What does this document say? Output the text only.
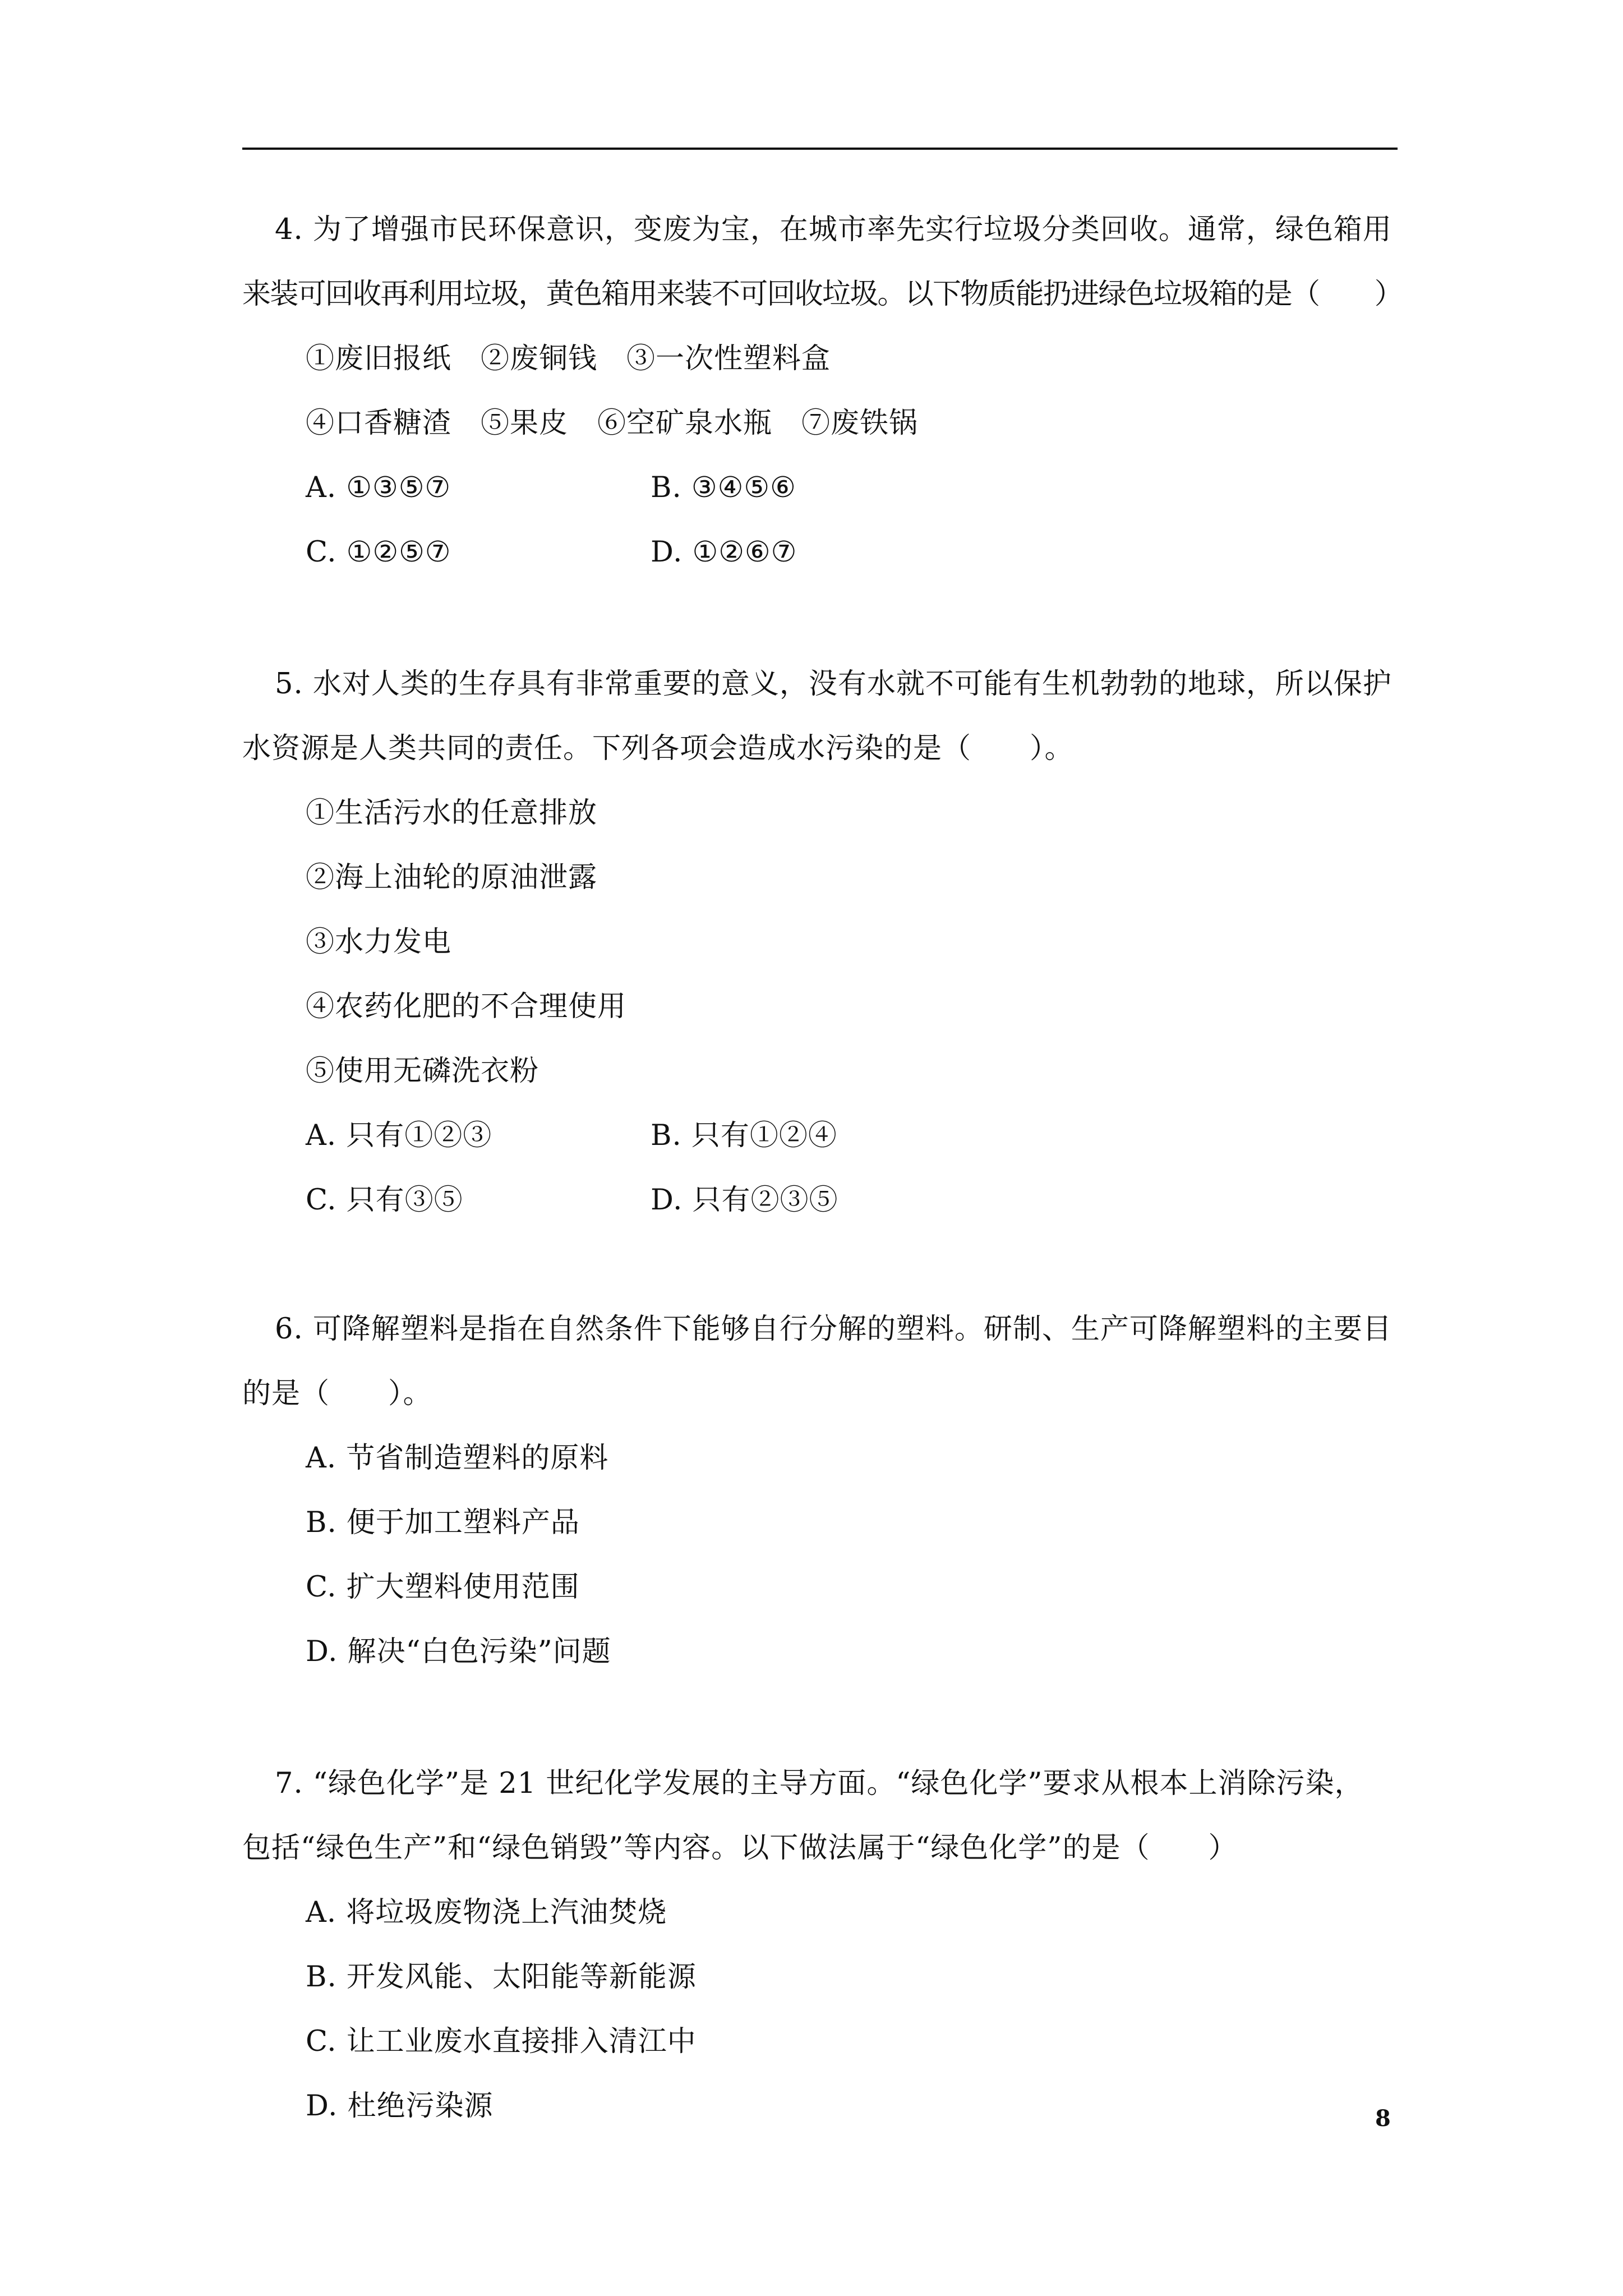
4. 为了增强市民环保意识，变废为宝，在城市率先实行垃圾分类回收。通常，绿色箱用
来装可回收再利用垃圾，黄色箱用来装不可回收垃圾。以下物质能扔进绿色垃圾箱的是（　　）
①废旧报纸　②废铜钱　③一次性塑料盒
④口香糖渣　⑤果皮　⑥空矿泉水瓶　⑦废铁锅
A. ①③⑤⑦	B. ③④⑤⑥
C. ①②⑤⑦	D. ①②⑥⑦
5. 水对人类的生存具有非常重要的意义，没有水就不可能有生机勃勃的地球，所以保护
水资源是人类共同的责任。下列各项会造成水污染的是（　　）。
①生活污水的任意排放
②海上油轮的原油泄露
③水力发电
④农药化肥的不合理使用
⑤使用无磷洗衣粉
A. 只有①②③	B. 只有①②④
C. 只有③⑤	D. 只有②③⑤
6. 可降解塑料是指在自然条件下能够自行分解的塑料。研制、生产可降解塑料的主要目
的是（　　）。
A. 节省制造塑料的原料
B. 便于加工塑料产品
C. 扩大塑料使用范围
D. 解决“白色污染”问题
7. “绿色化学”是 21 世纪化学发展的主导方面。“绿色化学”要求从根本上消除污染，
包括“绿色生产”和“绿色销毁”等内容。以下做法属于“绿色化学”的是（　　）
A. 将垃圾废物浇上汽油焚烧
B. 开发风能、太阳能等新能源
C. 让工业废水直接排入清江中
D. 杜绝污染源	8
